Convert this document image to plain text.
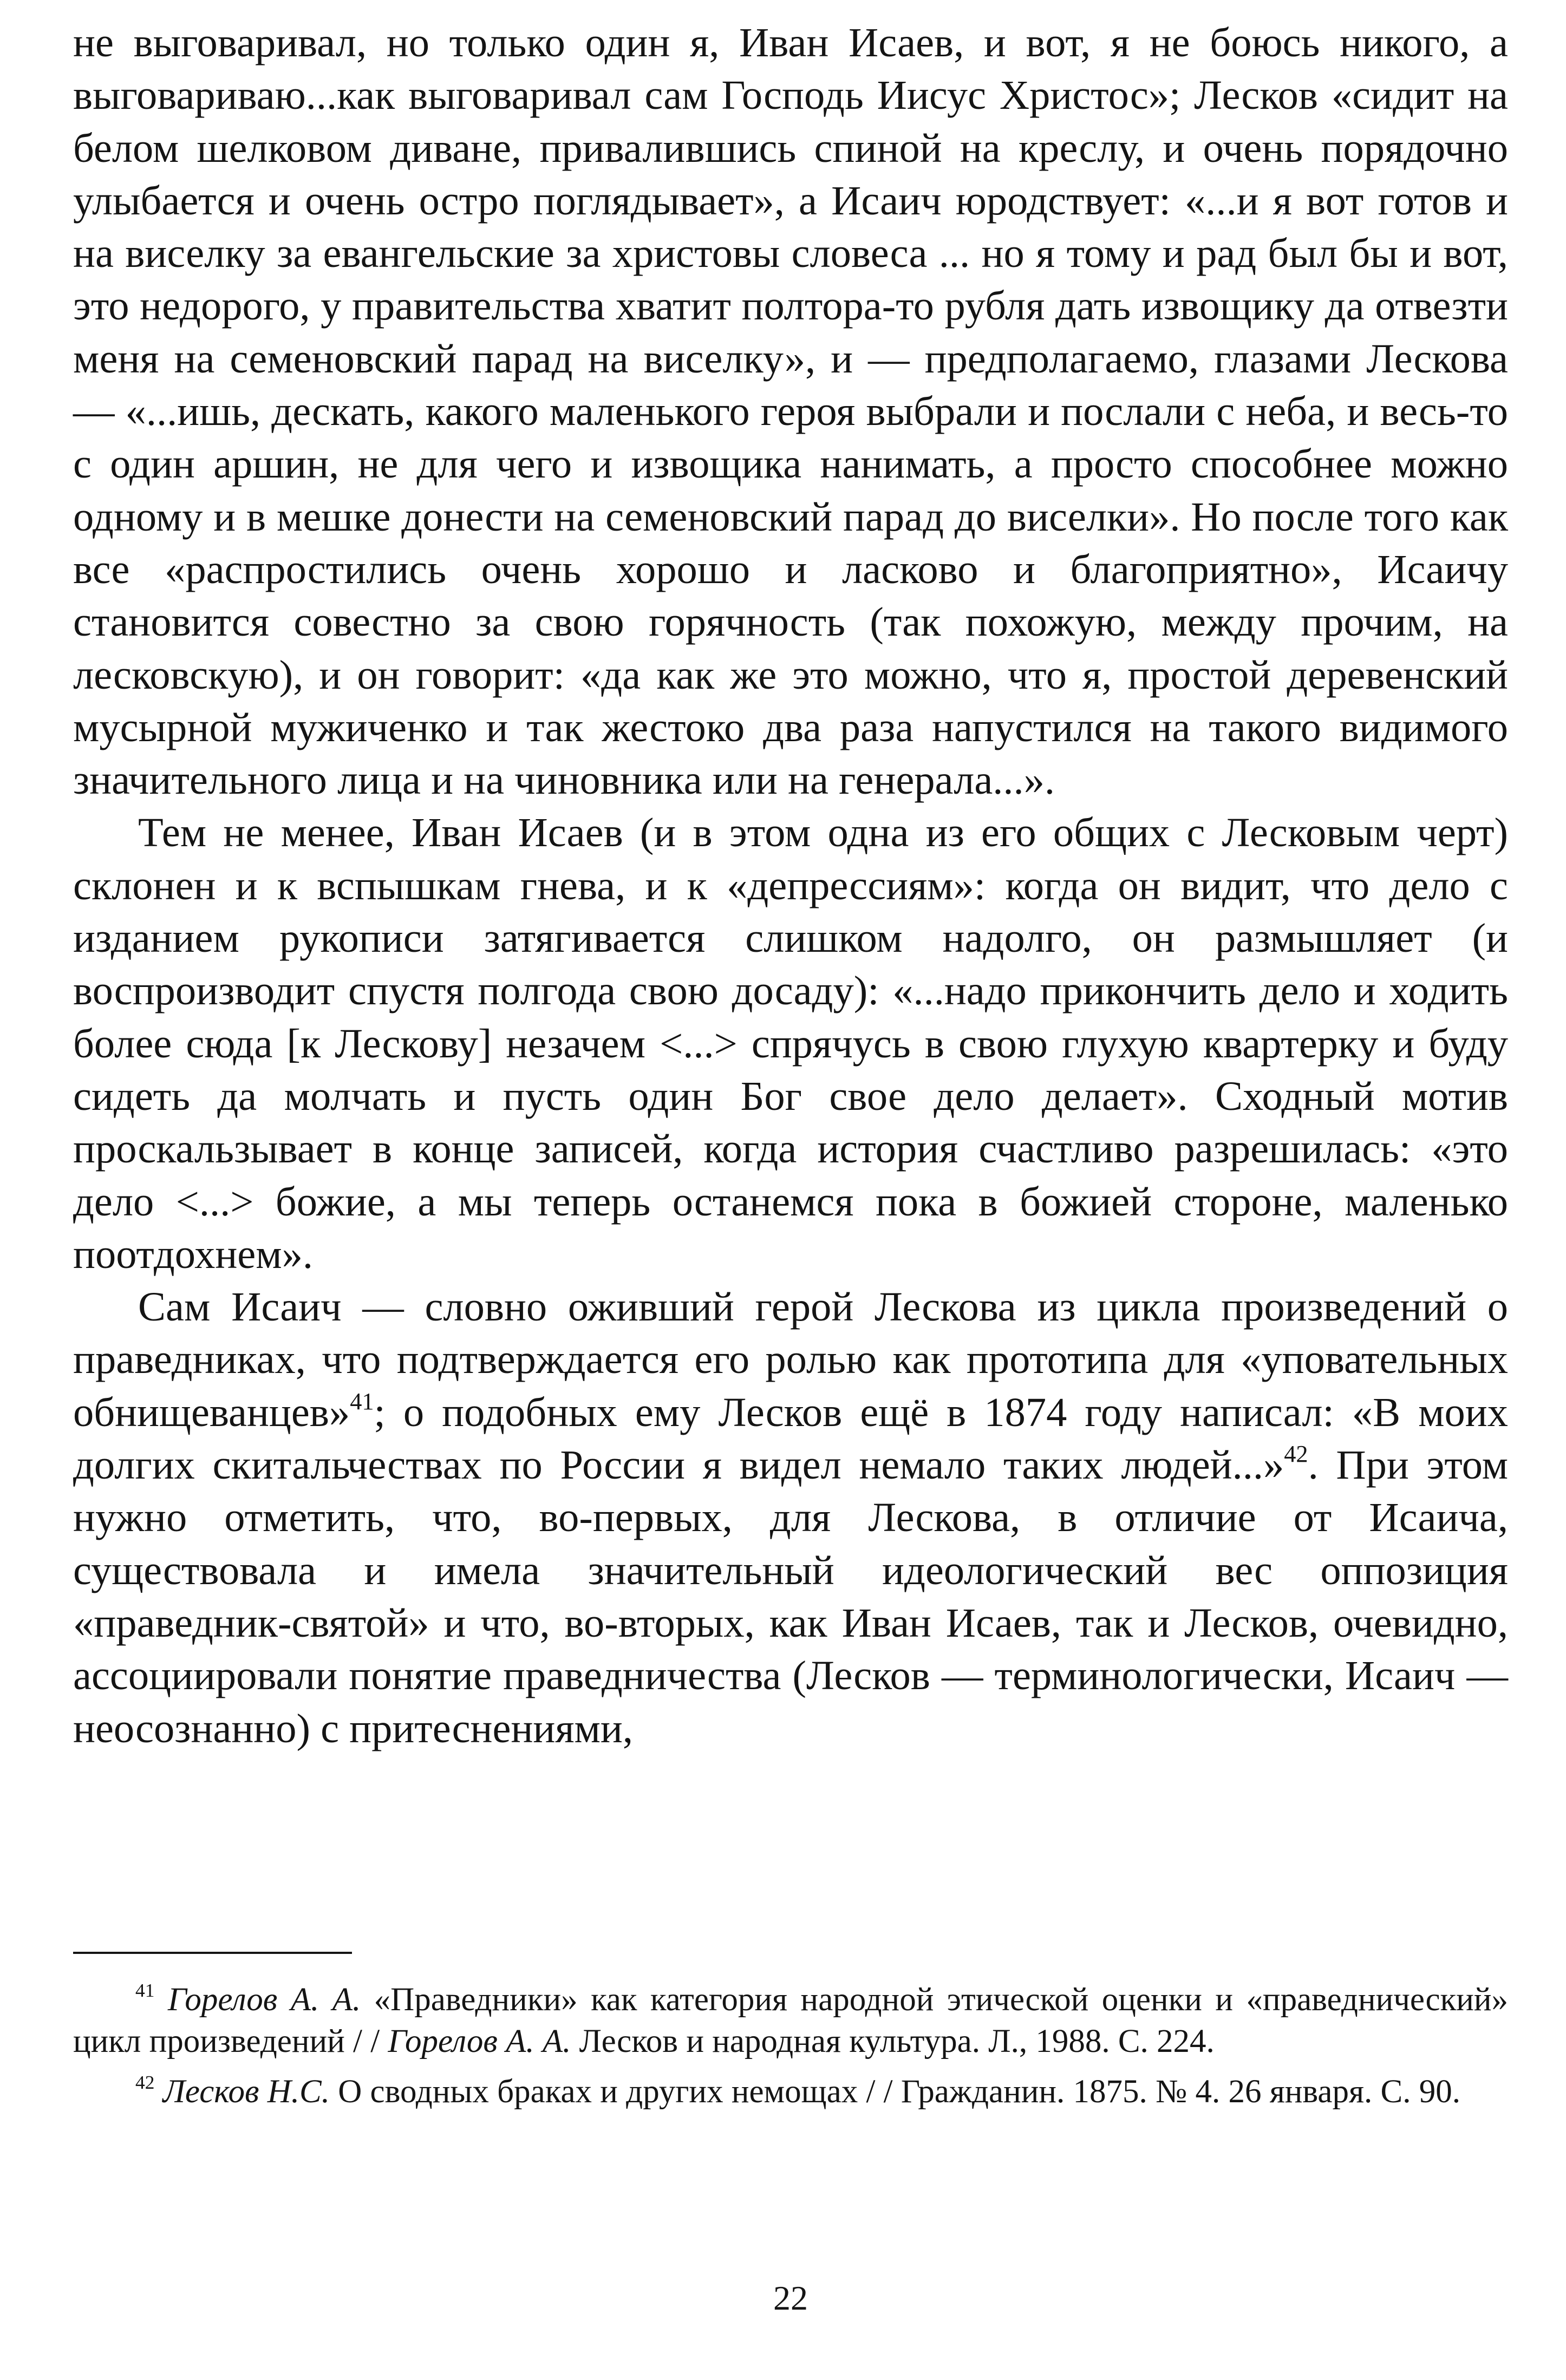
не выговаривал, но только один я, Иван Исаев, и вот, я не боюсь никого, а выговариваю...как выговаривал сам Господь Иисус Христос»; Лесков «сидит на белом шелковом диване, привалившись спиной на креслу, и очень порядочно улыбается и очень остро поглядывает», а Исаич юродствует: «...и я вот готов и на виселку за евангельские за христовы словеса ... но я тому и рад был бы и вот, это недорого, у правительства хватит полтора-то рубля дать извощику да отвезти меня на семеновский парад на виселку», и — предполагаемо, глазами Лескова — «...ишь, дескать, какого маленького героя выбрали и послали с неба, и весь-то с один аршин, не для чего и извощика нанимать, а просто способнее можно одному и в мешке донести на семеновский парад до виселки». Но после того как все «распростились очень хорошо и ласково и благоприятно», Исаичу становится совестно за свою горячность (так похожую, между прочим, на лесковскую), и он говорит: «да как же это можно, что я, простой деревенский мусырной мужиченко и так жестоко два раза напустился на такого видимого значительного лица и на чиновника или на генерала...».

Тем не менее, Иван Исаев (и в этом одна из его общих с Лесковым черт) склонен и к вспышкам гнева, и к «депрессиям»: когда он видит, что дело с изданием рукописи затягивается слишком надолго, он размышляет (и воспроизводит спустя полгода свою досаду): «...надо прикончить дело и ходить более сюда [к Лескову] незачем <...> спрячусь в свою глухую квартерку и буду сидеть да молчать и пусть один Бог свое дело делает». Сходный мотив проскальзывает в конце записей, когда история счастливо разрешилась: «это дело <...> божие, а мы теперь останемся пока в божией стороне, маленько поотдохнем».

Сам Исаич — словно оживший герой Лескова из цикла произведений о праведниках, что подтверждается его ролью как прототипа для «уповательных обнищеванцев»$^{41}$; о подобных ему Лесков ещё в 1874 году написал: «В моих долгих скитальчествах по России я видел немало таких людей...»$^{42}$. При этом нужно отметить, что, во-первых, для Лескова, в отличие от Исаича, существовала и имела значительный идеологический вес оппозиция «праведник-святой» и что, во-вторых, как Иван Исаев, так и Лесков, очевидно, ассоциировали понятие праведничества (Лесков — терминологически, Исаич — неосознанно) с притеснениями,

$^{41}$ Горелов А. А. «Праведники» как категория народной этической оценки и «праведнический» цикл произведений / / Горелов А. А. Лесков и народная культура. Л., 1988. С. 224.

$^{42}$ Лесков Н.С. О сводных браках и других немощах / / Гражданин. 1875. № 4. 26 января. С. 90.

22
